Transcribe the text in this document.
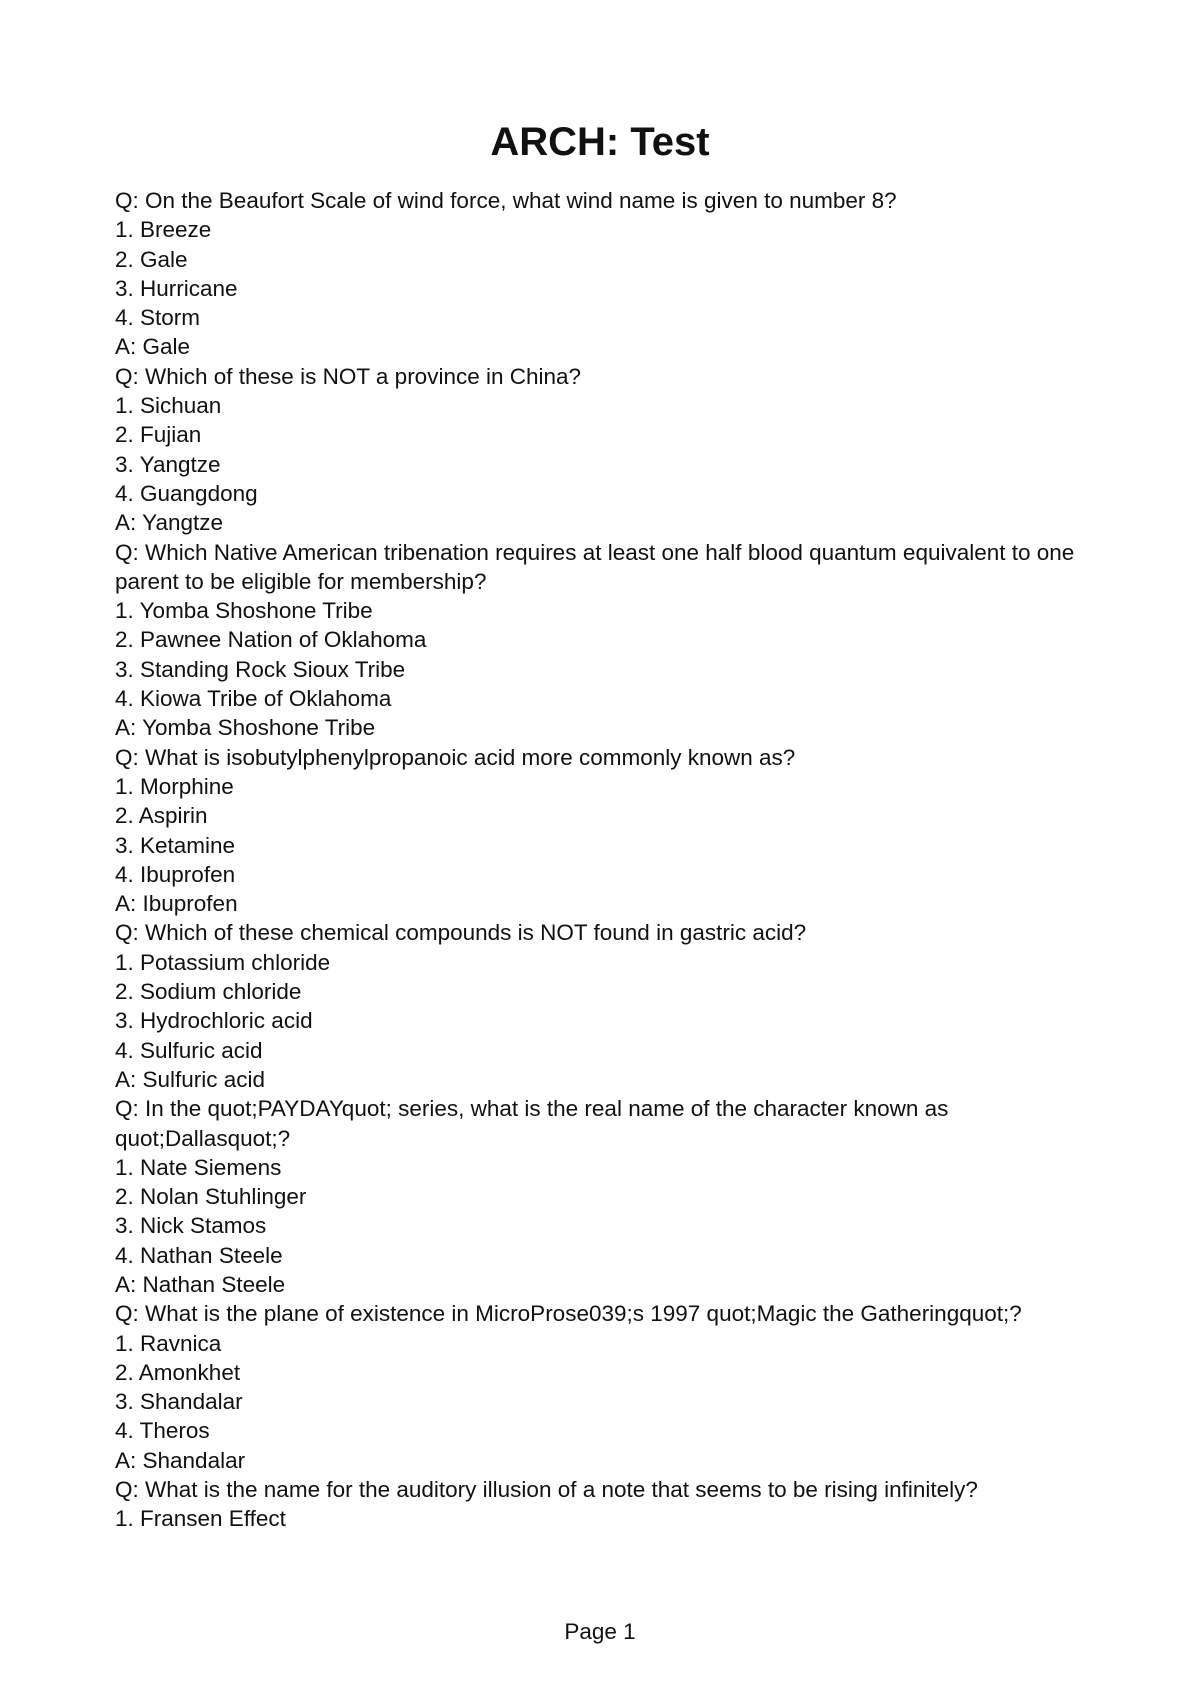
ARCH: Test

Q: On the Beaufort Scale of wind force, what wind name is given to number 8?

1. Breeze

2. Gale

3. Hurricane

4. Storm

A: Gale

Q: Which of these is NOT a province in China?

1. Sichuan

2. Fujian

3. Yangtze

4. Guangdong

A: Yangtze

Q: Which Native American tribenation requires at least one half blood quantum equivalent to one parent to be eligible for membership?

1. Yomba Shoshone Tribe

2. Pawnee Nation of Oklahoma

3. Standing Rock Sioux Tribe

4. Kiowa Tribe of Oklahoma

A: Yomba Shoshone Tribe

Q: What is isobutylphenylpropanoic acid more commonly known as?

1. Morphine

2. Aspirin

3. Ketamine

4. Ibuprofen

A: Ibuprofen

Q: Which of these chemical compounds is NOT found in gastric acid?

1. Potassium chloride

2. Sodium chloride

3. Hydrochloric acid

4. Sulfuric acid

A: Sulfuric acid

Q: In the quot;PAYDAYquot; series, what is the real name of the character known as quot;Dallasquot;?

1. Nate Siemens

2. Nolan Stuhlinger

3. Nick Stamos

4. Nathan Steele

A: Nathan Steele

Q: What is the plane of existence in MicroProse039;s 1997 quot;Magic the Gatheringquot;?

1. Ravnica

2. Amonkhet

3. Shandalar

4. Theros

A: Shandalar

Q: What is the name for the auditory illusion of a note that seems to be rising infinitely?

1. Fransen Effect

Page 1
